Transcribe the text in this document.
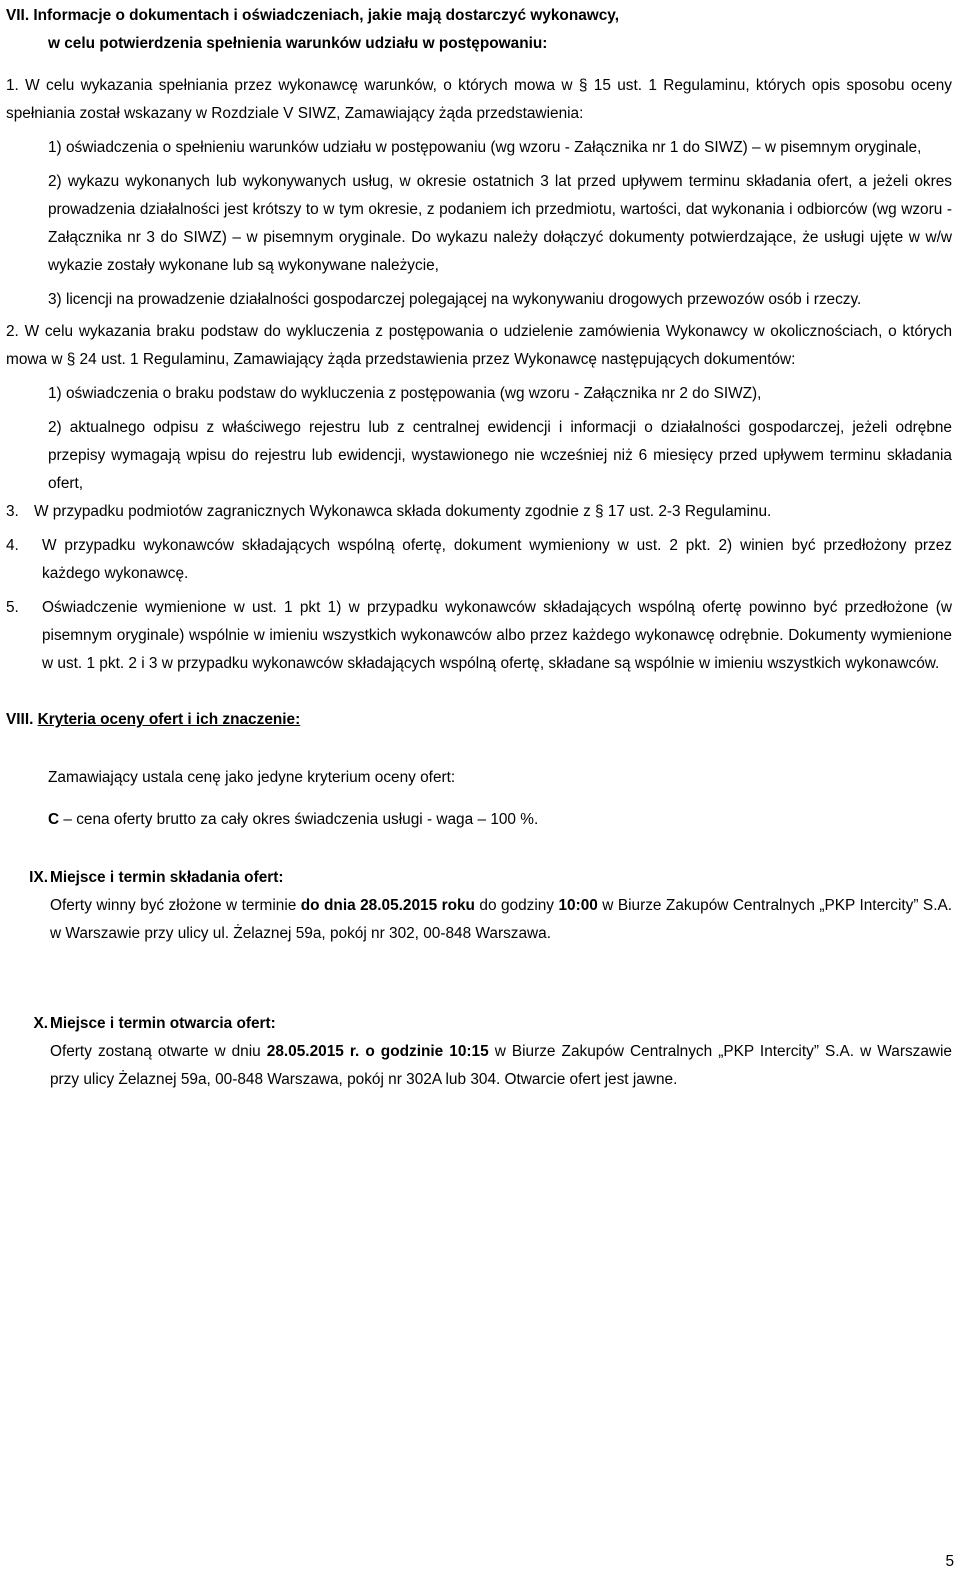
VII. Informacje o dokumentach i oświadczeniach, jakie mają dostarczyć wykonawcy,
w celu potwierdzenia spełnienia warunków udziału w postępowaniu:
1. W celu wykazania spełniania przez wykonawcę warunków, o których mowa w § 15 ust. 1 Regulaminu, których opis sposobu oceny spełniania został wskazany w Rozdziale V SIWZ, Zamawiający żąda przedstawienia:
1) oświadczenia o spełnieniu warunków udziału w postępowaniu (wg wzoru - Załącznika nr 1 do SIWZ) – w pisemnym oryginale,
2) wykazu wykonanych lub wykonywanych usług, w okresie ostatnich 3 lat przed upływem terminu składania ofert, a jeżeli okres prowadzenia działalności jest krótszy to w tym okresie, z podaniem ich przedmiotu, wartości, dat wykonania i odbiorców (wg wzoru - Załącznika nr 3 do SIWZ) – w pisemnym oryginale. Do wykazu należy dołączyć dokumenty potwierdzające, że usługi ujęte w w/w wykazie zostały wykonane lub są wykonywane należycie,
3) licencji na prowadzenie działalności gospodarczej polegającej na wykonywaniu drogowych przewozów osób i rzeczy.
2. W celu wykazania braku podstaw do wykluczenia z postępowania o udzielenie zamówienia Wykonawcy w okolicznościach, o których mowa w § 24 ust. 1 Regulaminu, Zamawiający żąda przedstawienia przez Wykonawcę następujących dokumentów:
1) oświadczenia o braku podstaw do wykluczenia z postępowania (wg wzoru - Załącznika nr 2 do SIWZ),
2) aktualnego odpisu z właściwego rejestru lub z centralnej ewidencji i informacji o działalności gospodarczej, jeżeli odrębne przepisy wymagają wpisu do rejestru lub ewidencji, wystawionego nie wcześniej niż 6 miesięcy przed upływem terminu składania ofert,
3. W przypadku podmiotów zagranicznych Wykonawca składa dokumenty zgodnie z § 17 ust. 2-3 Regulaminu.
4.	W przypadku wykonawców składających wspólną ofertę, dokument wymieniony w ust. 2 pkt. 2) winien być przedłożony przez każdego wykonawcę.
5.	Oświadczenie wymienione w ust. 1 pkt 1) w przypadku wykonawców składających wspólną ofertę powinno być przedłożone (w pisemnym oryginale) wspólnie w imieniu wszystkich wykonawców albo przez każdego wykonawcę odrębnie. Dokumenty wymienione w ust. 1 pkt. 2 i 3 w przypadku wykonawców składających wspólną ofertę, składane są wspólnie w imieniu wszystkich wykonawców.
VIII. Kryteria oceny ofert i ich znaczenie:
Zamawiający ustala cenę jako jedyne kryterium oceny ofert:
C – cena oferty brutto za cały okres świadczenia usługi - waga – 100 %.
IX. Miejsce i termin składania ofert:
Oferty winny być złożone w terminie do dnia 28.05.2015 roku do godziny 10:00 w Biurze Zakupów Centralnych „PKP Intercity” S.A. w Warszawie przy ulicy ul. Żelaznej 59a, pokój nr 302, 00-848 Warszawa.
X. Miejsce i termin otwarcia ofert:
Oferty zostaną otwarte w dniu 28.05.2015 r. o godzinie 10:15 w Biurze Zakupów Centralnych „PKP Intercity” S.A. w Warszawie przy ulicy Żelaznej 59a, 00-848 Warszawa, pokój nr 302A lub 304. Otwarcie ofert jest jawne.
5
